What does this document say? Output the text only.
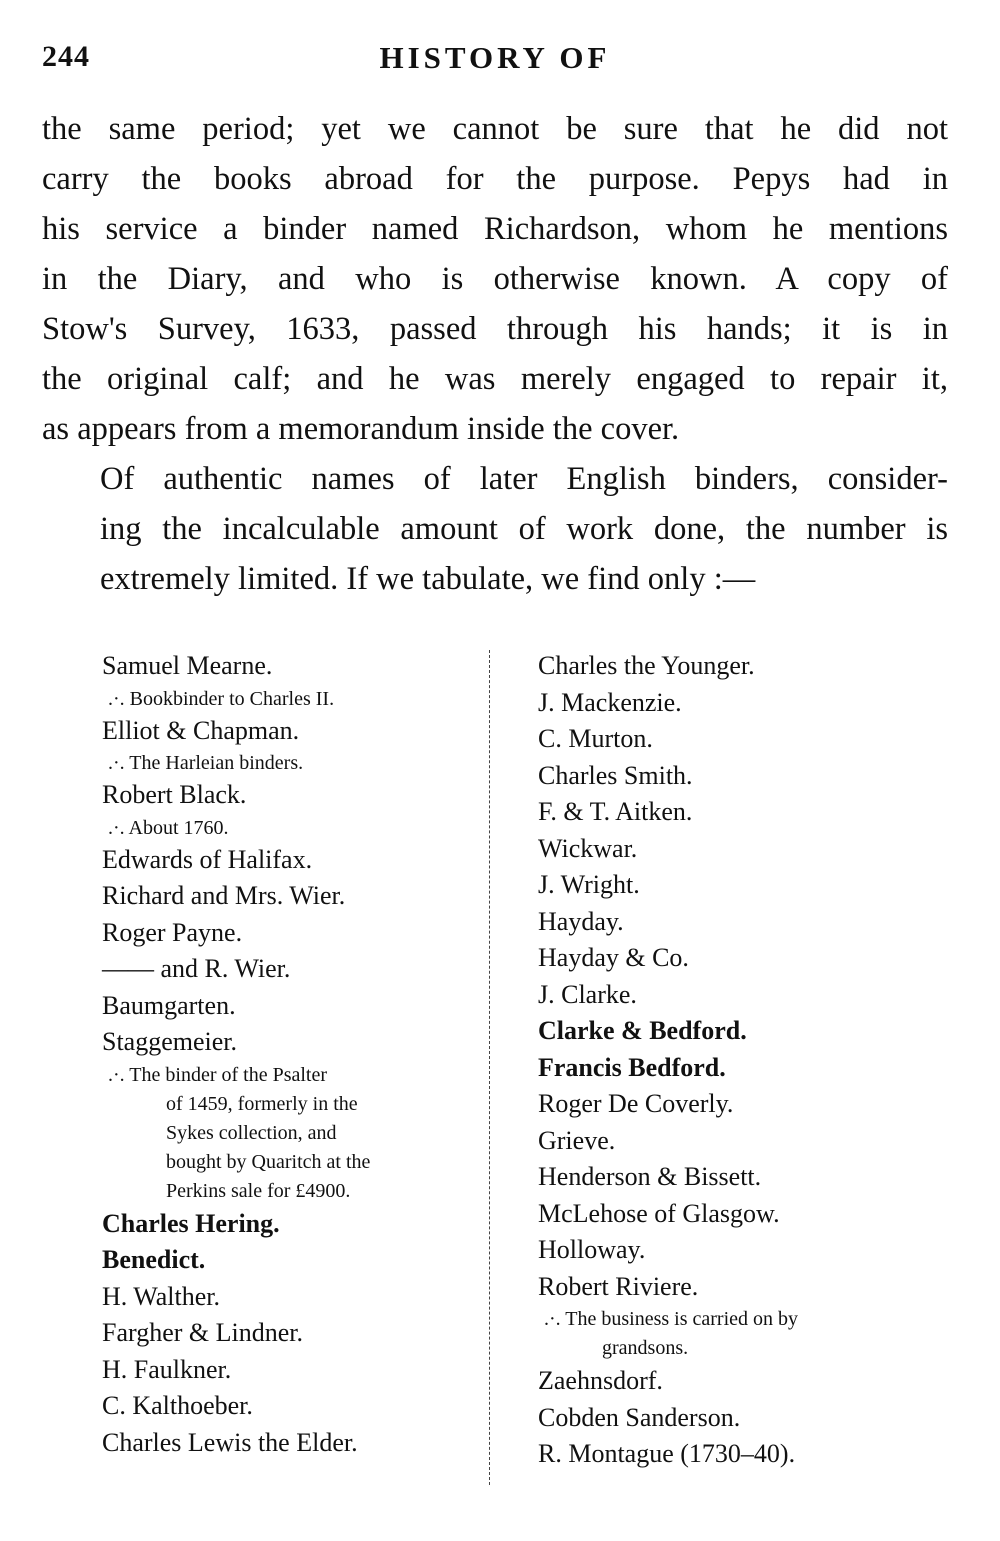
244	HISTORY OF

the same period; yet we cannot be sure that he did not
carry the books abroad for the purpose. Pepys had in
his service a binder named Richardson, whom he mentions
in the Diary, and who is otherwise known. A copy of
Stow's Survey, 1633, passed through his hands; it is in
the original calf; and he was merely engaged to repair it,
as appears from a memorandum inside the cover.

Of authentic names of later English binders, consider-
ing the incalculable amount of work done, the number is
extremely limited. If we tabulate, we find only :—

Samuel Mearne.
.·. Bookbinder to Charles II.
Elliot & Chapman.
.·. The Harleian binders.
Robert Black.
.·. About 1760.
Edwards of Halifax.
Richard and Mrs. Wier.
Roger Payne.
—— and R. Wier.
Baumgarten.
Staggemeier.
.·. The binder of the Psalter
of 1459, formerly in the
Sykes collection, and
bought by Quaritch at the
Perkins sale for £4900.
Charles Hering.
Benedict.
H. Walther.
Fargher & Lindner.
H. Faulkner.
C. Kalthoeber.
Charles Lewis the Elder.
Charles the Younger.
J. Mackenzie.
C. Murton.
Charles Smith.
F. & T. Aitken.
Wickwar.
J. Wright.
Hayday.
Hayday & Co.
J. Clarke.
Clarke & Bedford.
Francis Bedford.
Roger De Coverly.
Grieve.
Henderson & Bissett.
McLehose of Glasgow.
Holloway.
Robert Riviere.
.·. The business is carried on by
grandsons.
Zaehnsdorf.
Cobden Sanderson.
R. Montague (1730–40).
